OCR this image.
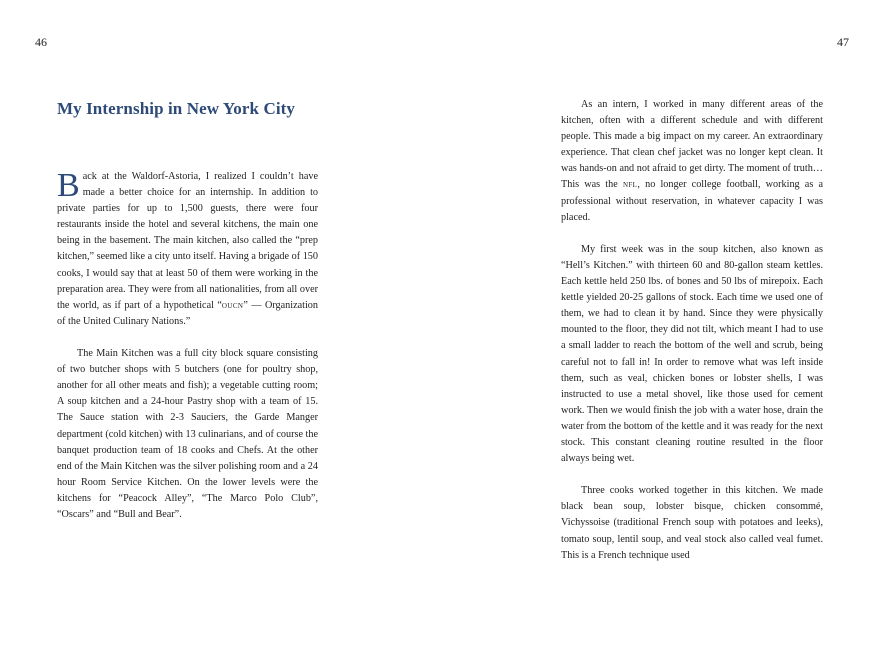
46	47
My Internship in New York City

Back at the Waldorf-Astoria, I realized I couldn’t have made a better choice for an internship. In addition to private parties for up to 1,500 guests, there were four restaurants inside the hotel and several kitchens, the main one being in the basement. The main kitchen, also called the “prep kitchen,” seemed like a city unto itself. Having a brigade of 150 cooks, I would say that at least 50 of them were working in the preparation area. They were from all nationalities, from all over the world, as if part of a hypothetical “oucn” — Organization of the United Culinary Nations.”

The Main Kitchen was a full city block square consisting of two butcher shops with 5 butchers (one for poultry shop, another for all other meats and fish); a vegetable cutting room; A soup kitchen and a 24-hour Pastry shop with a team of 15. The Sauce station with 2-3 Sauciers, the Garde Manger department (cold kitchen) with 13 culinarians, and of course the banquet production team of 18 cooks and Chefs. At the other end of the Main Kitchen was the silver polishing room and a 24 hour Room Service Kitchen. On the lower levels were the kitchens for “Peacock Alley”, “The Marco Polo Club”, “Oscars” and “Bull and Bear”.

As an intern, I worked in many different areas of the kitchen, often with a different schedule and with different people. This made a big impact on my career. An extraordinary experience. That clean chef jacket was no longer kept clean. It was hands-on and not afraid to get dirty. The moment of truth… This was the nfl, no longer college football, working as a professional without reservation, in whatever capacity I was placed.

My first week was in the soup kitchen, also known as “Hell’s Kitchen.” with thirteen 60 and 80-gallon steam kettles. Each kettle held 250 lbs. of bones and 50 lbs of mirepoix. Each kettle yielded 20-25 gallons of stock. Each time we used one of them, we had to clean it by hand. Since they were physically mounted to the floor, they did not tilt, which meant I had to use a small ladder to reach the bottom of the well and scrub, being careful not to fall in! In order to remove what was left inside them, such as veal, chicken bones or lobster shells, I was instructed to use a metal shovel, like those used for cement work. Then we would finish the job with a water hose, drain the water from the bottom of the kettle and it was ready for the next stock. This constant cleaning routine resulted in the floor always being wet.

Three cooks worked together in this kitchen. We made black bean soup, lobster bisque, chicken consommé, Vichyssoise (traditional French soup with potatoes and leeks), tomato soup, lentil soup, and veal stock also called veal fumet. This is a French technique used
